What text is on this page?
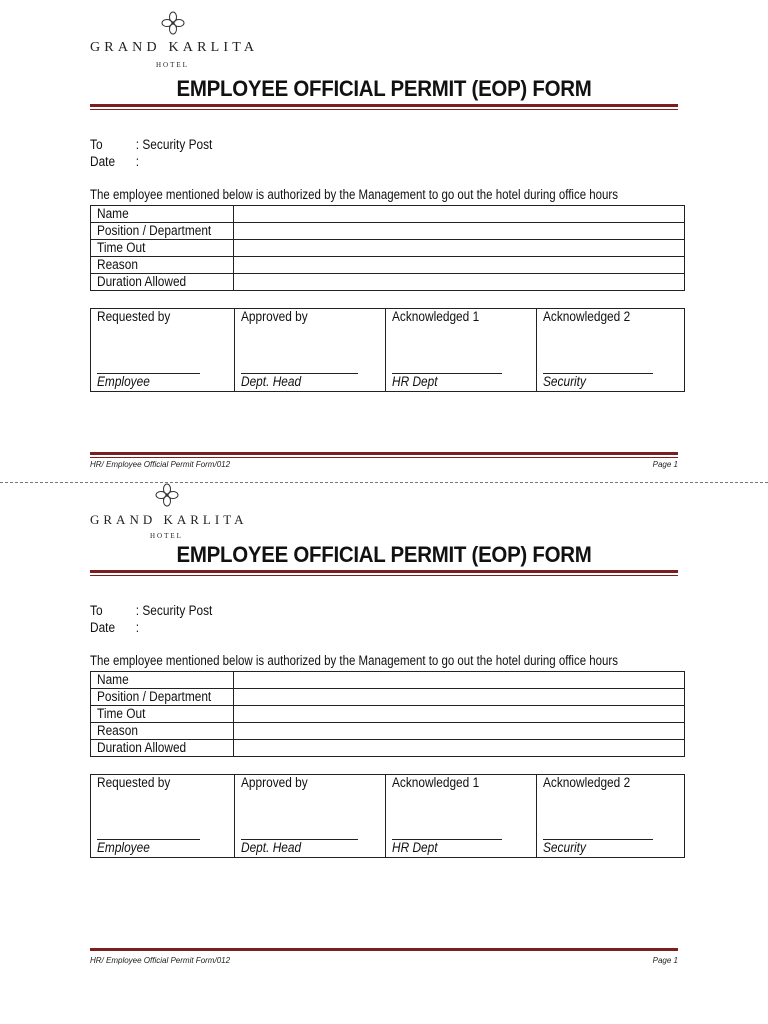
GRAND KARLITA
HOTEL
EMPLOYEE OFFICIAL PERMIT (EOP) FORM
To : Security Post
Date :
The employee mentioned below is authorized by the Management to go out the hotel during office hours
Name	
Position / Department	
Time Out	
Reason	
Duration Allowed	
Requested by
Employee

Approved by
Dept. Head

Acknowledged 1
HR Dept

Acknowledged 2
Security
HR/ Employee Official Permit Form/012	Page 1
GRAND KARLITA
HOTEL
EMPLOYEE OFFICIAL PERMIT (EOP) FORM
To : Security Post
Date :
The employee mentioned below is authorized by the Management to go out the hotel during office hours
Name	
Position / Department	
Time Out	
Reason	
Duration Allowed	
Requested by
Employee

Approved by
Dept. Head

Acknowledged 1
HR Dept

Acknowledged 2
Security
HR/ Employee Official Permit Form/012	Page 1
